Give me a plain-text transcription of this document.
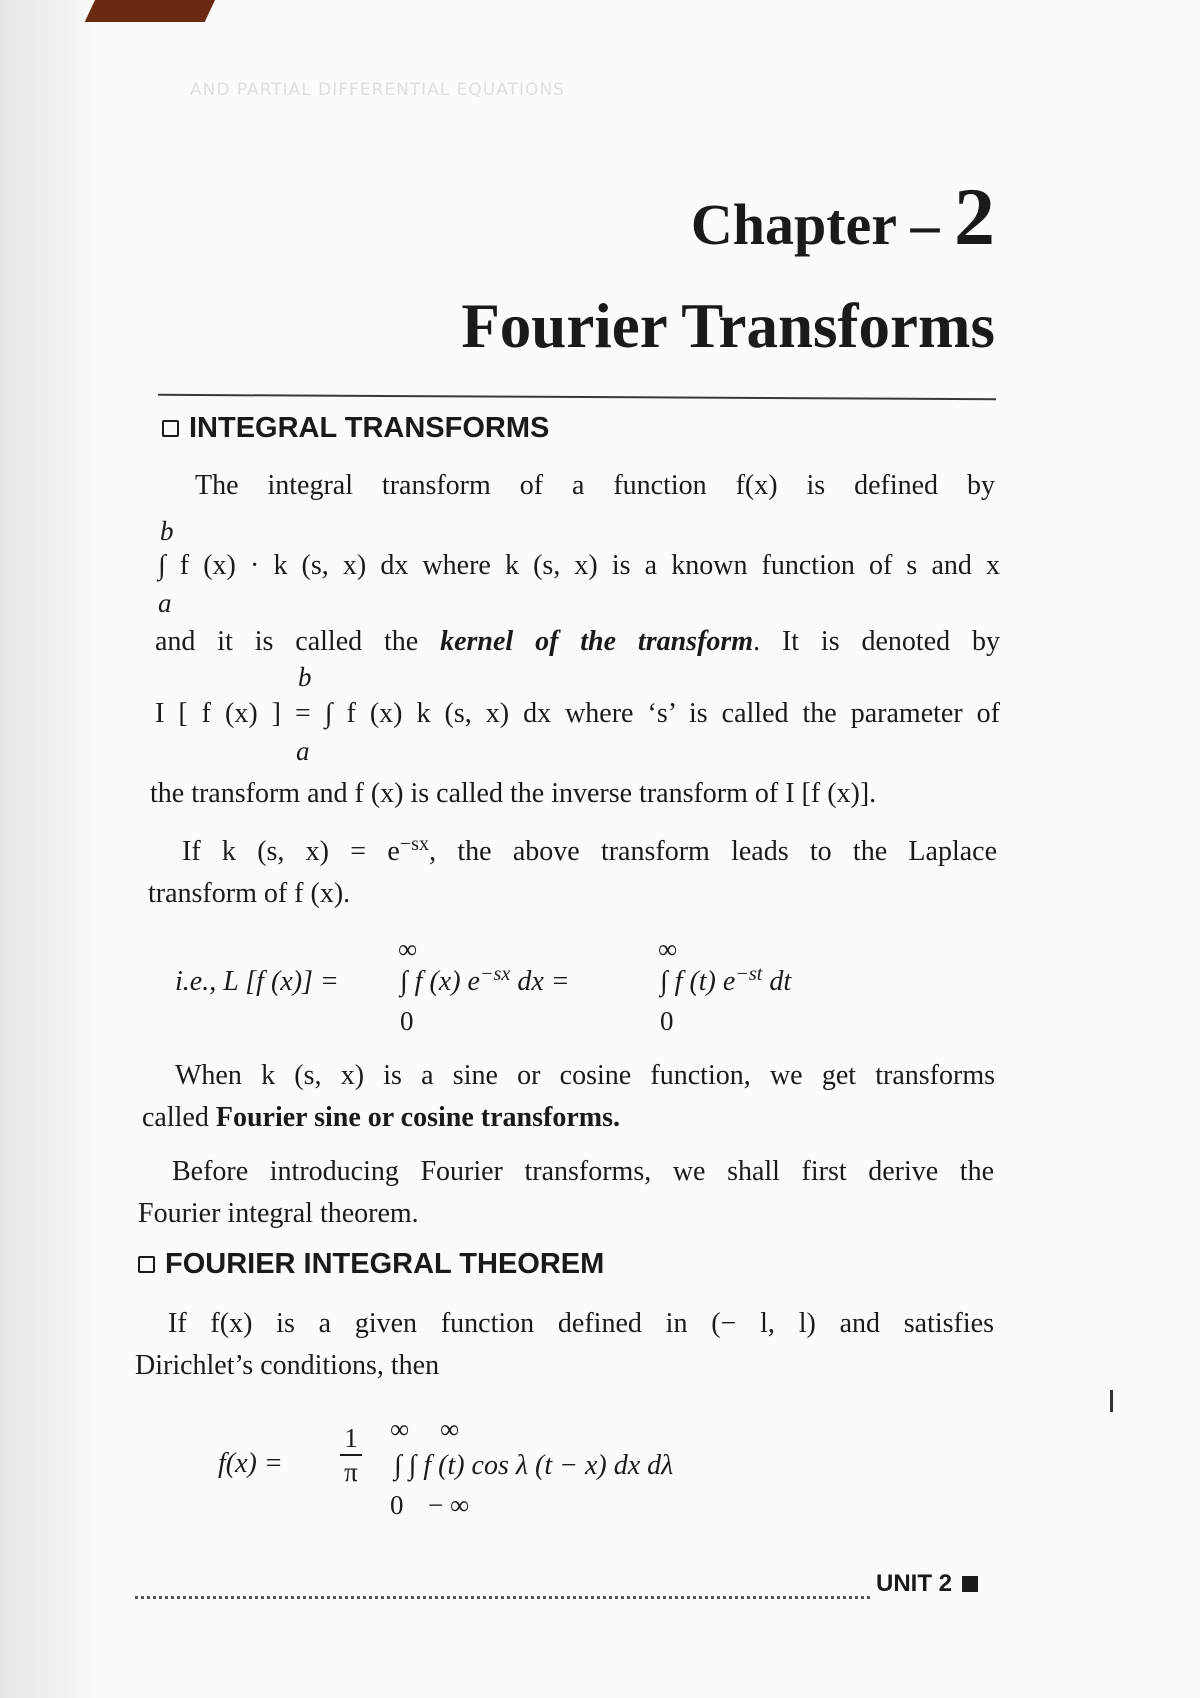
AND PARTIAL DIFFERENTIAL EQUATIONS
Chapter – 2
Fourier Transforms
INTEGRAL TRANSFORMS
The integral transform of a function f(x) is defined by
b
∫ f (x) · k (s, x) dx where k (s, x) is a known function of s and x
a
and it is called the kernel of the transform. It is denoted by
b
I [ f (x) ] = ∫ f (x) k (s, x) dx where ‘s’ is called the parameter of
a
the transform and f (x) is called the inverse transform of I [f (x)].
If k (s, $x) = e^{-sx}$, the above transform leads to the Laplace
transform of f (x).
∞	∞
i.e., L [f (x)] = ∫ f (x) $e^{-sx}$ dx =	∫ f (t) $e^{-st}$ dt
0	0
When k (s, x) is a sine or cosine function, we get transforms
called Fourier sine or cosine transforms.
Before introducing Fourier transforms, we shall first derive the
Fourier integral theorem.
FOURIER INTEGRAL THEOREM
If f(x) is a given function defined in (− l, l) and satisfies
Dirichlet’s conditions, then
∞ ∞
f(x) =
1
π ∫ ∫ f (t) cos λ (t − x) dx dλ
0 − ∞
UNIT 2
